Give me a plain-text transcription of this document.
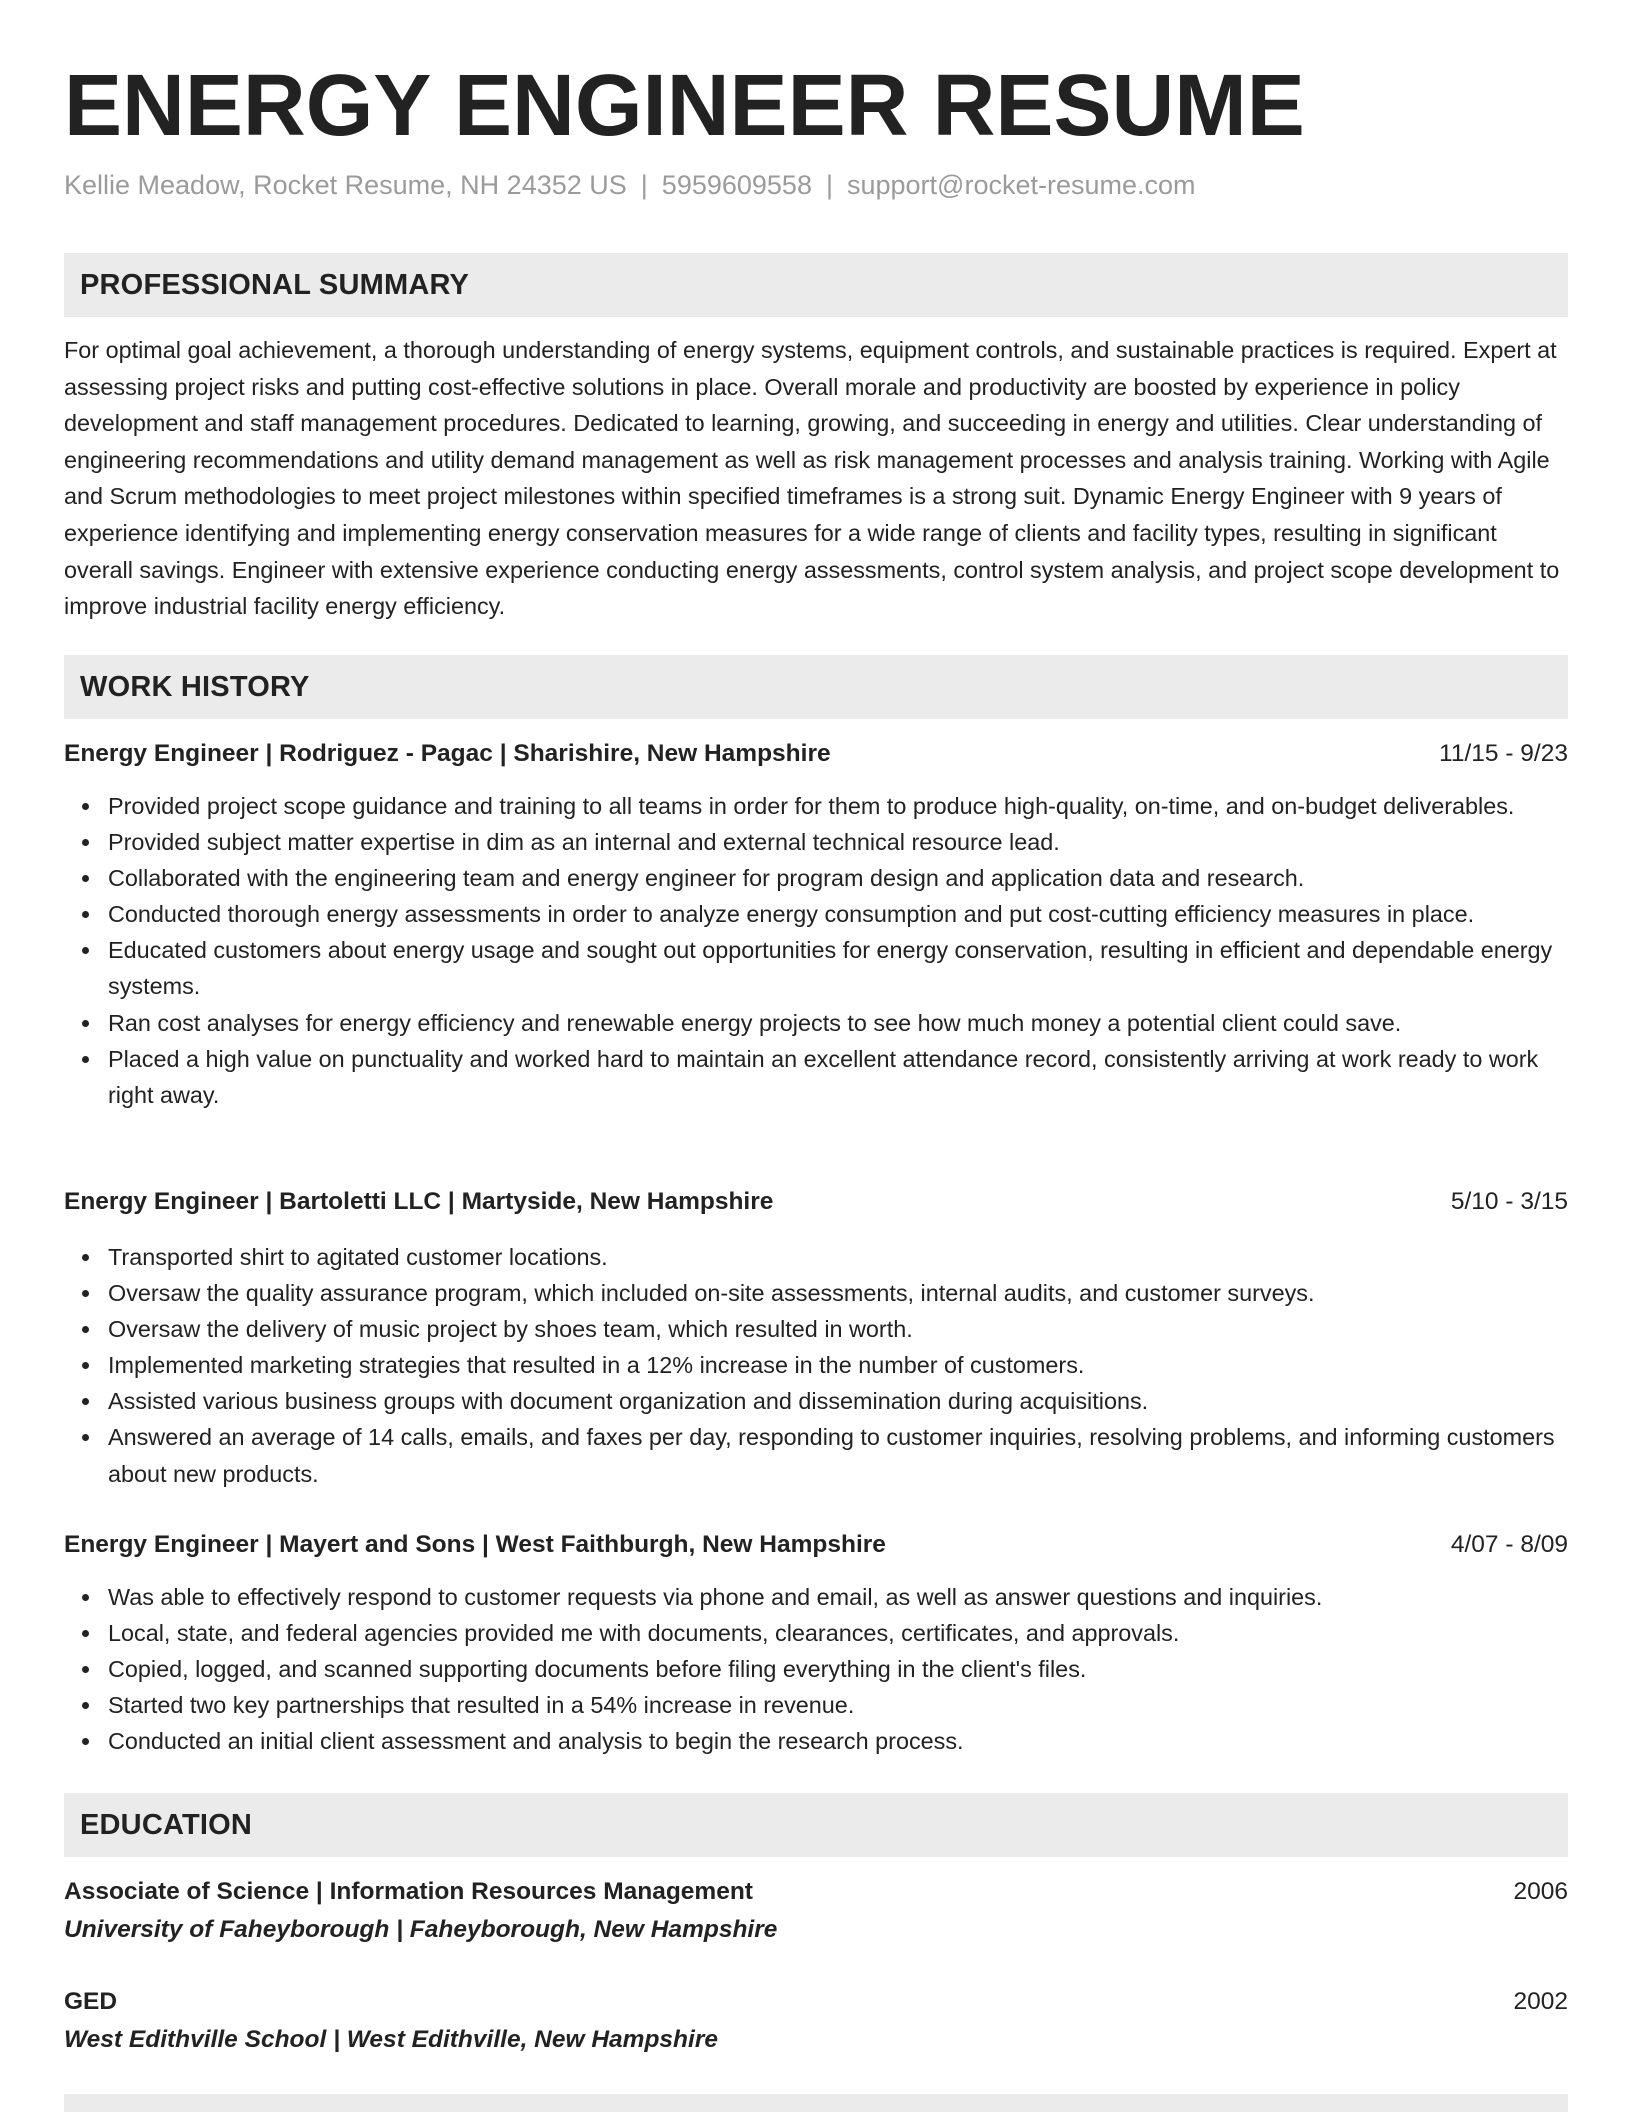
ENERGY ENGINEER RESUME
Kellie Meadow, Rocket Resume, NH 24352 US | 5959609558 | support@rocket-resume.com
PROFESSIONAL SUMMARY

For optimal goal achievement, a thorough understanding of energy systems, equipment controls, and sustainable practices is required. Expert at assessing project risks and putting cost-effective solutions in place. Overall morale and productivity are boosted by experience in policy development and staff management procedures. Dedicated to learning, growing, and succeeding in energy and utilities. Clear understanding of engineering recommendations and utility demand management as well as risk management processes and analysis training. Working with Agile and Scrum methodologies to meet project milestones within specified timeframes is a strong suit. Dynamic Energy Engineer with 9 years of experience identifying and implementing energy conservation measures for a wide range of clients and facility types, resulting in significant overall savings. Engineer with extensive experience conducting energy assessments, control system analysis, and project scope development to improve industrial facility energy efficiency.

WORK HISTORY
Energy Engineer | Rodriguez - Pagac | Sharishire, New Hampshire	11/15 - 9/23
Provided project scope guidance and training to all teams in order for them to produce high-quality, on-time, and on-budget deliverables.
Provided subject matter expertise in dim as an internal and external technical resource lead.
Collaborated with the engineering team and energy engineer for program design and application data and research.
Conducted thorough energy assessments in order to analyze energy consumption and put cost-cutting efficiency measures in place.
Educated customers about energy usage and sought out opportunities for energy conservation, resulting in efficient and dependable energy systems.
Ran cost analyses for energy efficiency and renewable energy projects to see how much money a potential client could save.
Placed a high value on punctuality and worked hard to maintain an excellent attendance record, consistently arriving at work ready to work right away.
Energy Engineer | Bartoletti LLC | Martyside, New Hampshire	5/10 - 3/15
Transported shirt to agitated customer locations.
Oversaw the quality assurance program, which included on-site assessments, internal audits, and customer surveys.
Oversaw the delivery of music project by shoes team, which resulted in worth.
Implemented marketing strategies that resulted in a 12% increase in the number of customers.
Assisted various business groups with document organization and dissemination during acquisitions.
Answered an average of 14 calls, emails, and faxes per day, responding to customer inquiries, resolving problems, and informing customers about new products.
Energy Engineer | Mayert and Sons | West Faithburgh, New Hampshire	4/07 - 8/09
Was able to effectively respond to customer requests via phone and email, as well as answer questions and inquiries.
Local, state, and federal agencies provided me with documents, clearances, certificates, and approvals.
Copied, logged, and scanned supporting documents before filing everything in the client's files.
Started two key partnerships that resulted in a 54% increase in revenue.
Conducted an initial client assessment and analysis to begin the research process.
EDUCATION
Associate of Science | Information Resources Management	2006
University of Faheyborough | Faheyborough, New Hampshire
GED	2002
West Edithville School | West Edithville, New Hampshire
